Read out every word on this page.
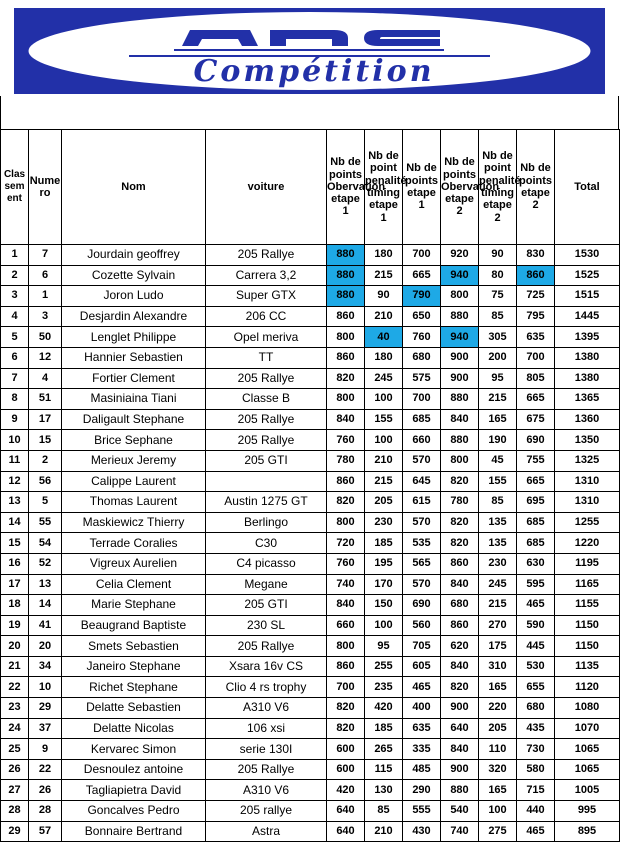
Compétition
Clas sem ent	Nume ro	Nom	voiture	Nb de points Obervation etape 1	Nb de point penalité timing etape 1	Nb de points etape 1	Nb de points Obervation etape 2	Nb de point penalité timing etape 2	Nb de points etape 2	Total
1	7	Jourdain geoffrey	205 Rallye	880	180	700	920	90	830	1530
2	6	Cozette Sylvain	Carrera 3,2	880	215	665	940	80	860	1525
3	1	Joron Ludo	Super GTX	880	90	790	800	75	725	1515
4	3	Desjardin Alexandre	206 CC	860	210	650	880	85	795	1445
5	50	Lenglet Philippe	Opel meriva	800	40	760	940	305	635	1395
6	12	Hannier Sebastien	TT	860	180	680	900	200	700	1380
7	4	Fortier Clement	205 Rallye	820	245	575	900	95	805	1380
8	51	Masiniaina Tiani	Classe B	800	100	700	880	215	665	1365
9	17	Daligault Stephane	205 Rallye	840	155	685	840	165	675	1360
10	15	Brice Sephane	205 Rallye	760	100	660	880	190	690	1350
11	2	Merieux Jeremy	205 GTI	780	210	570	800	45	755	1325
12	56	Calippe Laurent		860	215	645	820	155	665	1310
13	5	Thomas Laurent	Austin 1275 GT	820	205	615	780	85	695	1310
14	55	Maskiewicz Thierry	Berlingo	800	230	570	820	135	685	1255
15	54	Terrade Coralies	C30	720	185	535	820	135	685	1220
16	52	Vigreux Aurelien	C4 picasso	760	195	565	860	230	630	1195
17	13	Celia Clement	Megane	740	170	570	840	245	595	1165
18	14	Marie Stephane	205 GTI	840	150	690	680	215	465	1155
19	41	Beaugrand Baptiste	230 SL	660	100	560	860	270	590	1150
20	20	Smets Sebastien	205 Rallye	800	95	705	620	175	445	1150
21	34	Janeiro Stephane	Xsara 16v CS	860	255	605	840	310	530	1135
22	10	Richet Stephane	Clio 4 rs trophy	700	235	465	820	165	655	1120
23	29	Delatte Sebastien	A310 V6	820	420	400	900	220	680	1080
24	37	Delatte Nicolas	106 xsi	820	185	635	640	205	435	1070
25	9	Kervarec Simon	serie 130I	600	265	335	840	110	730	1065
26	22	Desnoulez antoine	205 Rallye	600	115	485	900	320	580	1065
27	26	Tagliapietra David	A310 V6	420	130	290	880	165	715	1005
28	28	Goncalves Pedro	205 rallye	640	85	555	540	100	440	995
29	57	Bonnaire Bertrand	Astra	640	210	430	740	275	465	895
